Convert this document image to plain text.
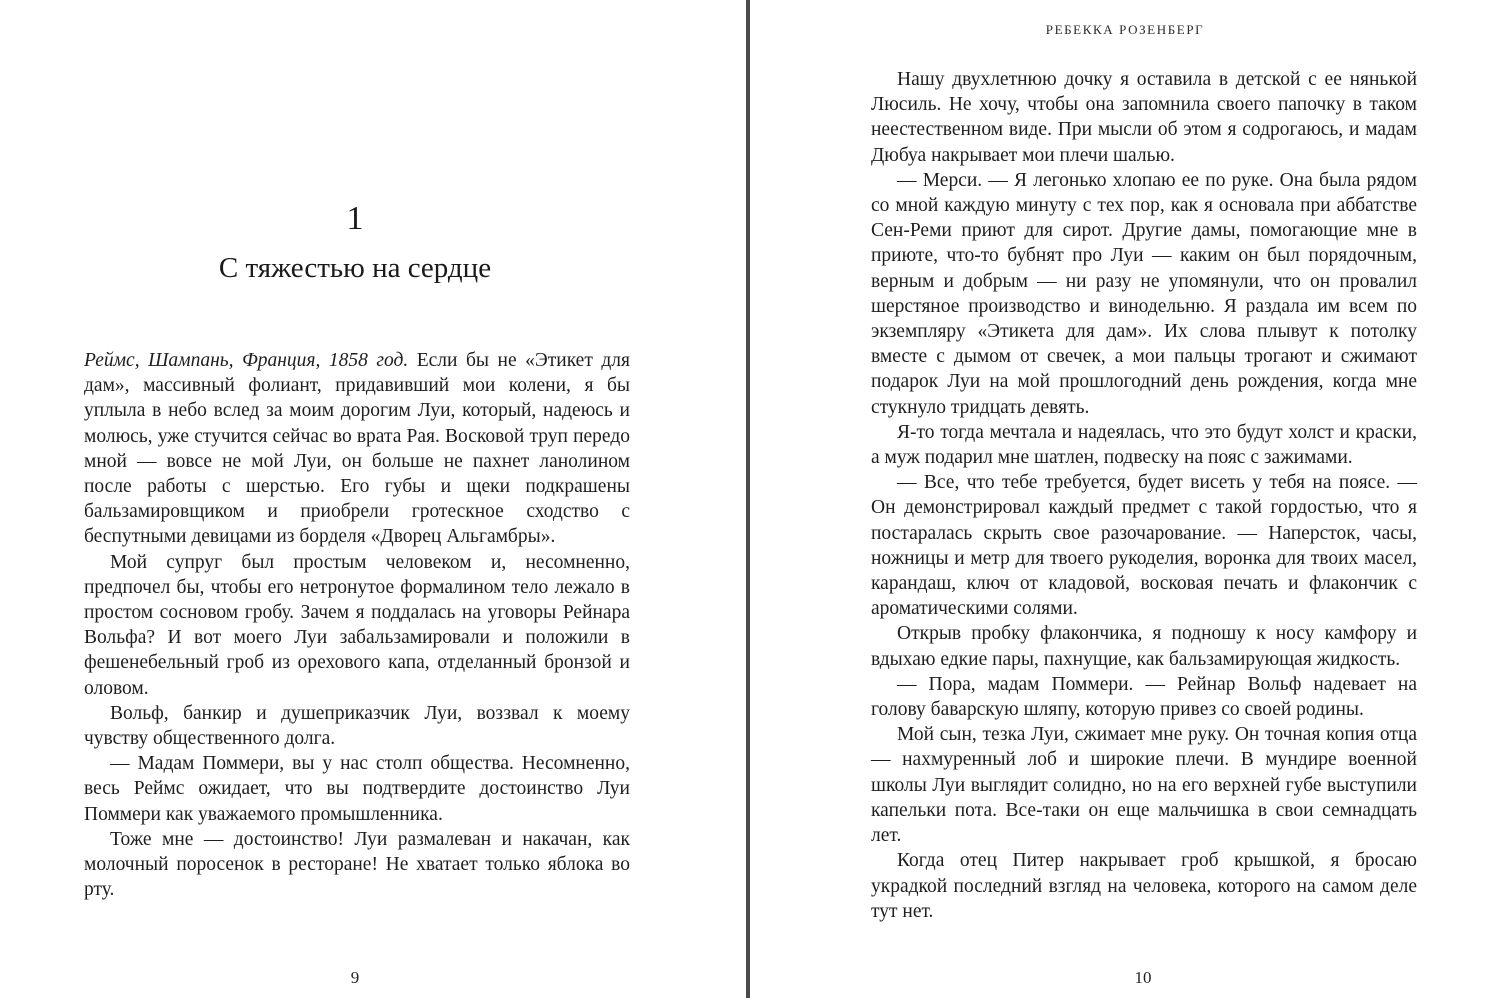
1
С тяжестью на сердце

Реймс, Шампань, Франция, 1858 год. Если бы не «Этикет для дам», массивный фолиант, придавивший мои колени, я бы уплыла в небо вслед за моим дорогим Луи, который, надеюсь и молюсь, уже стучится сейчас во врата Рая. Восковой труп передо мной — вовсе не мой Луи, он больше не пахнет ланолином после работы с шерстью. Его губы и щеки подкрашены бальзамировщиком и приобрели гротескное сходство с беспутными девицами из борделя «Дворец Альгамбры».

Мой супруг был простым человеком и, несомненно, предпочел бы, чтобы его нетронутое формалином тело лежало в простом сосновом гробу. Зачем я поддалась на уговоры Рейнара Вольфа? И вот моего Луи забальзамировали и положили в фешенебельный гроб из орехового капа, отделанный бронзой и оловом.

Вольф, банкир и душеприказчик Луи, воззвал к моему чувству общественного долга.

— Мадам Поммери, вы у нас столп общества. Несомненно, весь Реймс ожидает, что вы подтвердите достоинство Луи Поммери как уважаемого промышленника.

Тоже мне — достоинство! Луи размалеван и накачан, как молочный поросенок в ресторане! Не хватает только яблока во рту.

9
РЕБЕККА РОЗЕНБЕРГ

Нашу двухлетнюю дочку я оставила в детской с ее нянькой Люсиль. Не хочу, чтобы она запомнила своего папочку в таком неестественном виде. При мысли об этом я содрогаюсь, и мадам Дюбуа накрывает мои плечи шалью.

— Мерси. — Я легонько хлопаю ее по руке. Она была рядом со мной каждую минуту с тех пор, как я основала при аббатстве Сен-Реми приют для сирот. Другие дамы, помогающие мне в приюте, что-то бубнят про Луи — каким он был порядочным, верным и добрым — ни разу не упомянули, что он провалил шерстяное производство и винодельню. Я раздала им всем по экземпляру «Этикета для дам». Их слова плывут к потолку вместе с дымом от свечек, а мои пальцы трогают и сжимают подарок Луи на мой прошлогодний день рождения, когда мне стукнуло тридцать девять.

Я-то тогда мечтала и надеялась, что это будут холст и краски, а муж подарил мне шатлен, подвеску на пояс с зажимами.

— Все, что тебе требуется, будет висеть у тебя на поясе. — Он демонстрировал каждый предмет с такой гордостью, что я постаралась скрыть свое разочарование. — Наперсток, часы, ножницы и метр для твоего рукоделия, воронка для твоих масел, карандаш, ключ от кладовой, восковая печать и флакончик с ароматическими солями.

Открыв пробку флакончика, я подношу к носу камфору и вдыхаю едкие пары, пахнущие, как бальзамирующая жидкость.

— Пора, мадам Поммери. — Рейнар Вольф надевает на голову баварскую шляпу, которую привез со своей родины.

Мой сын, тезка Луи, сжимает мне руку. Он точная копия отца — нахмуренный лоб и широкие плечи. В мундире военной школы Луи выглядит солидно, но на его верхней губе выступили капельки пота. Все-таки он еще мальчишка в свои семнадцать лет.

Когда отец Питер накрывает гроб крышкой, я бросаю украдкой последний взгляд на человека, которого на самом деле тут нет.

10
